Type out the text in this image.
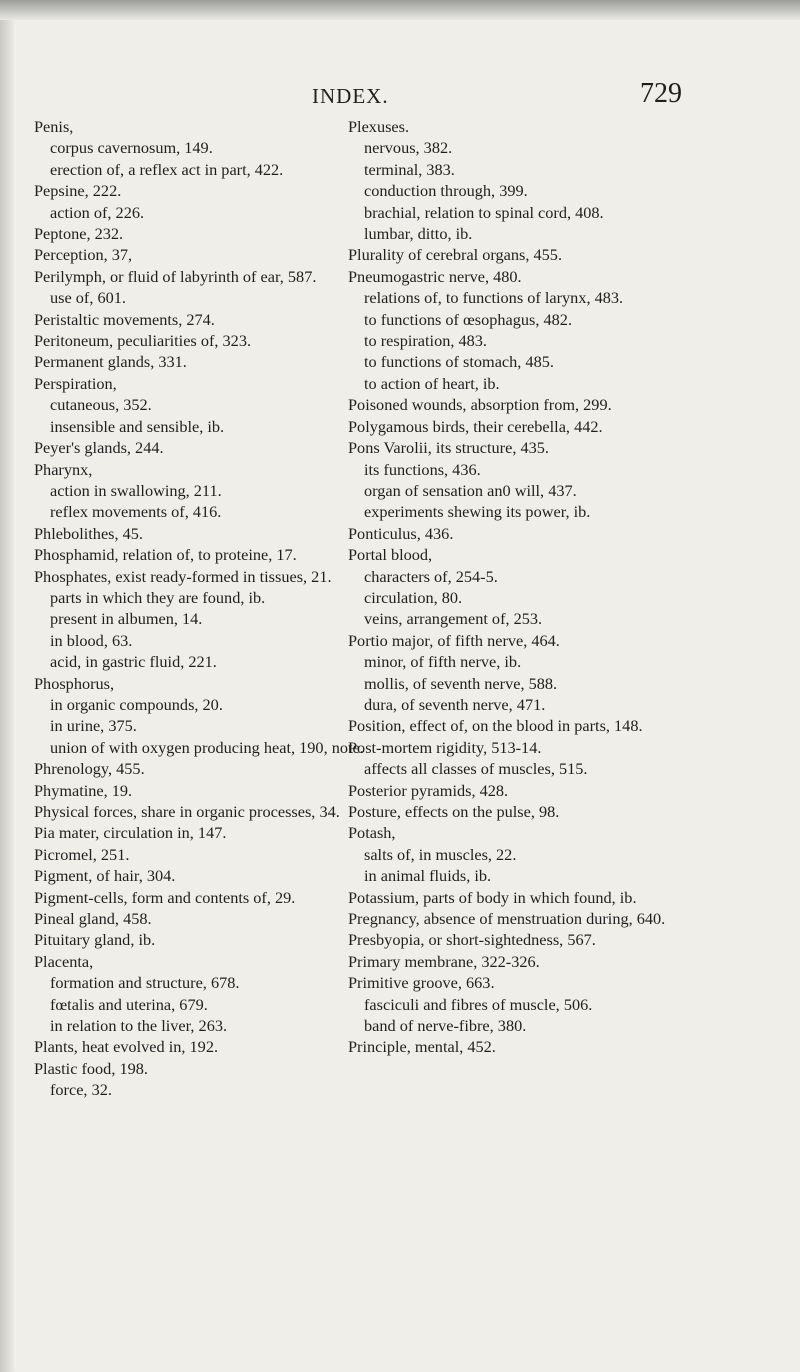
INDEX.	729
Penis,
corpus cavernosum, 149.
erection of, a reflex act in part, 422.
Pepsine, 222.
action of, 226.
Peptone, 232.
Perception, 37,
Perilymph, or fluid of labyrinth of ear, 587.
use of, 601.
Peristaltic movements, 274.
Peritoneum, peculiarities of, 323.
Permanent glands, 331.
Perspiration,
cutaneous, 352.
insensible and sensible, ib.
Peyer's glands, 244.
Pharynx,
action in swallowing, 211.
reflex movements of, 416.
Phlebolithes, 45.
Phosphamid, relation of, to proteine, 17.
Phosphates, exist ready-formed in tissues, 21.
parts in which they are found, ib.
present in albumen, 14.
in blood, 63.
acid, in gastric fluid, 221.
Phosphorus,
in organic compounds, 20.
in urine, 375.
union of with oxygen producing heat, 190, note.
Phrenology, 455.
Phymatine, 19.
Physical forces, share in organic processes, 34.
Pia mater, circulation in, 147.
Picromel, 251.
Pigment, of hair, 304.
Pigment-cells, form and contents of, 29.
Pineal gland, 458.
Pituitary gland, ib.
Placenta,
formation and structure, 678.
fœtalis and uterina, 679.
in relation to the liver, 263.
Plants, heat evolved in, 192.
Plastic food, 198.
force, 32.
Plexuses.
nervous, 382.
terminal, 383.
conduction through, 399.
brachial, relation to spinal cord, 408.
lumbar, ditto, ib.
Plurality of cerebral organs, 455.
Pneumogastric nerve, 480.
relations of, to functions of larynx, 483.
to functions of œsophagus, 482.
to respiration, 483.
to functions of stomach, 485.
to action of heart, ib.
Poisoned wounds, absorption from, 299.
Polygamous birds, their cerebella, 442.
Pons Varolii, its structure, 435.
its functions, 436.
organ of sensation an0 will, 437.
experiments shewing its power, ib.
Ponticulus, 436.
Portal blood,
characters of, 254-5.
circulation, 80.
veins, arrangement of, 253.
Portio major, of fifth nerve, 464.
minor, of fifth nerve, ib.
mollis, of seventh nerve, 588.
dura, of seventh nerve, 471.
Position, effect of, on the blood in parts, 148.
Post-mortem rigidity, 513-14.
affects all classes of muscles, 515.
Posterior pyramids, 428.
Posture, effects on the pulse, 98.
Potash,
salts of, in muscles, 22.
in animal fluids, ib.
Potassium, parts of body in which found, ib.
Pregnancy, absence of menstruation during, 640.
Presbyopia, or short-sightedness, 567.
Primary membrane, 322-326.
Primitive groove, 663.
fasciculi and fibres of muscle, 506.
band of nerve-fibre, 380.
Principle, mental, 452.
